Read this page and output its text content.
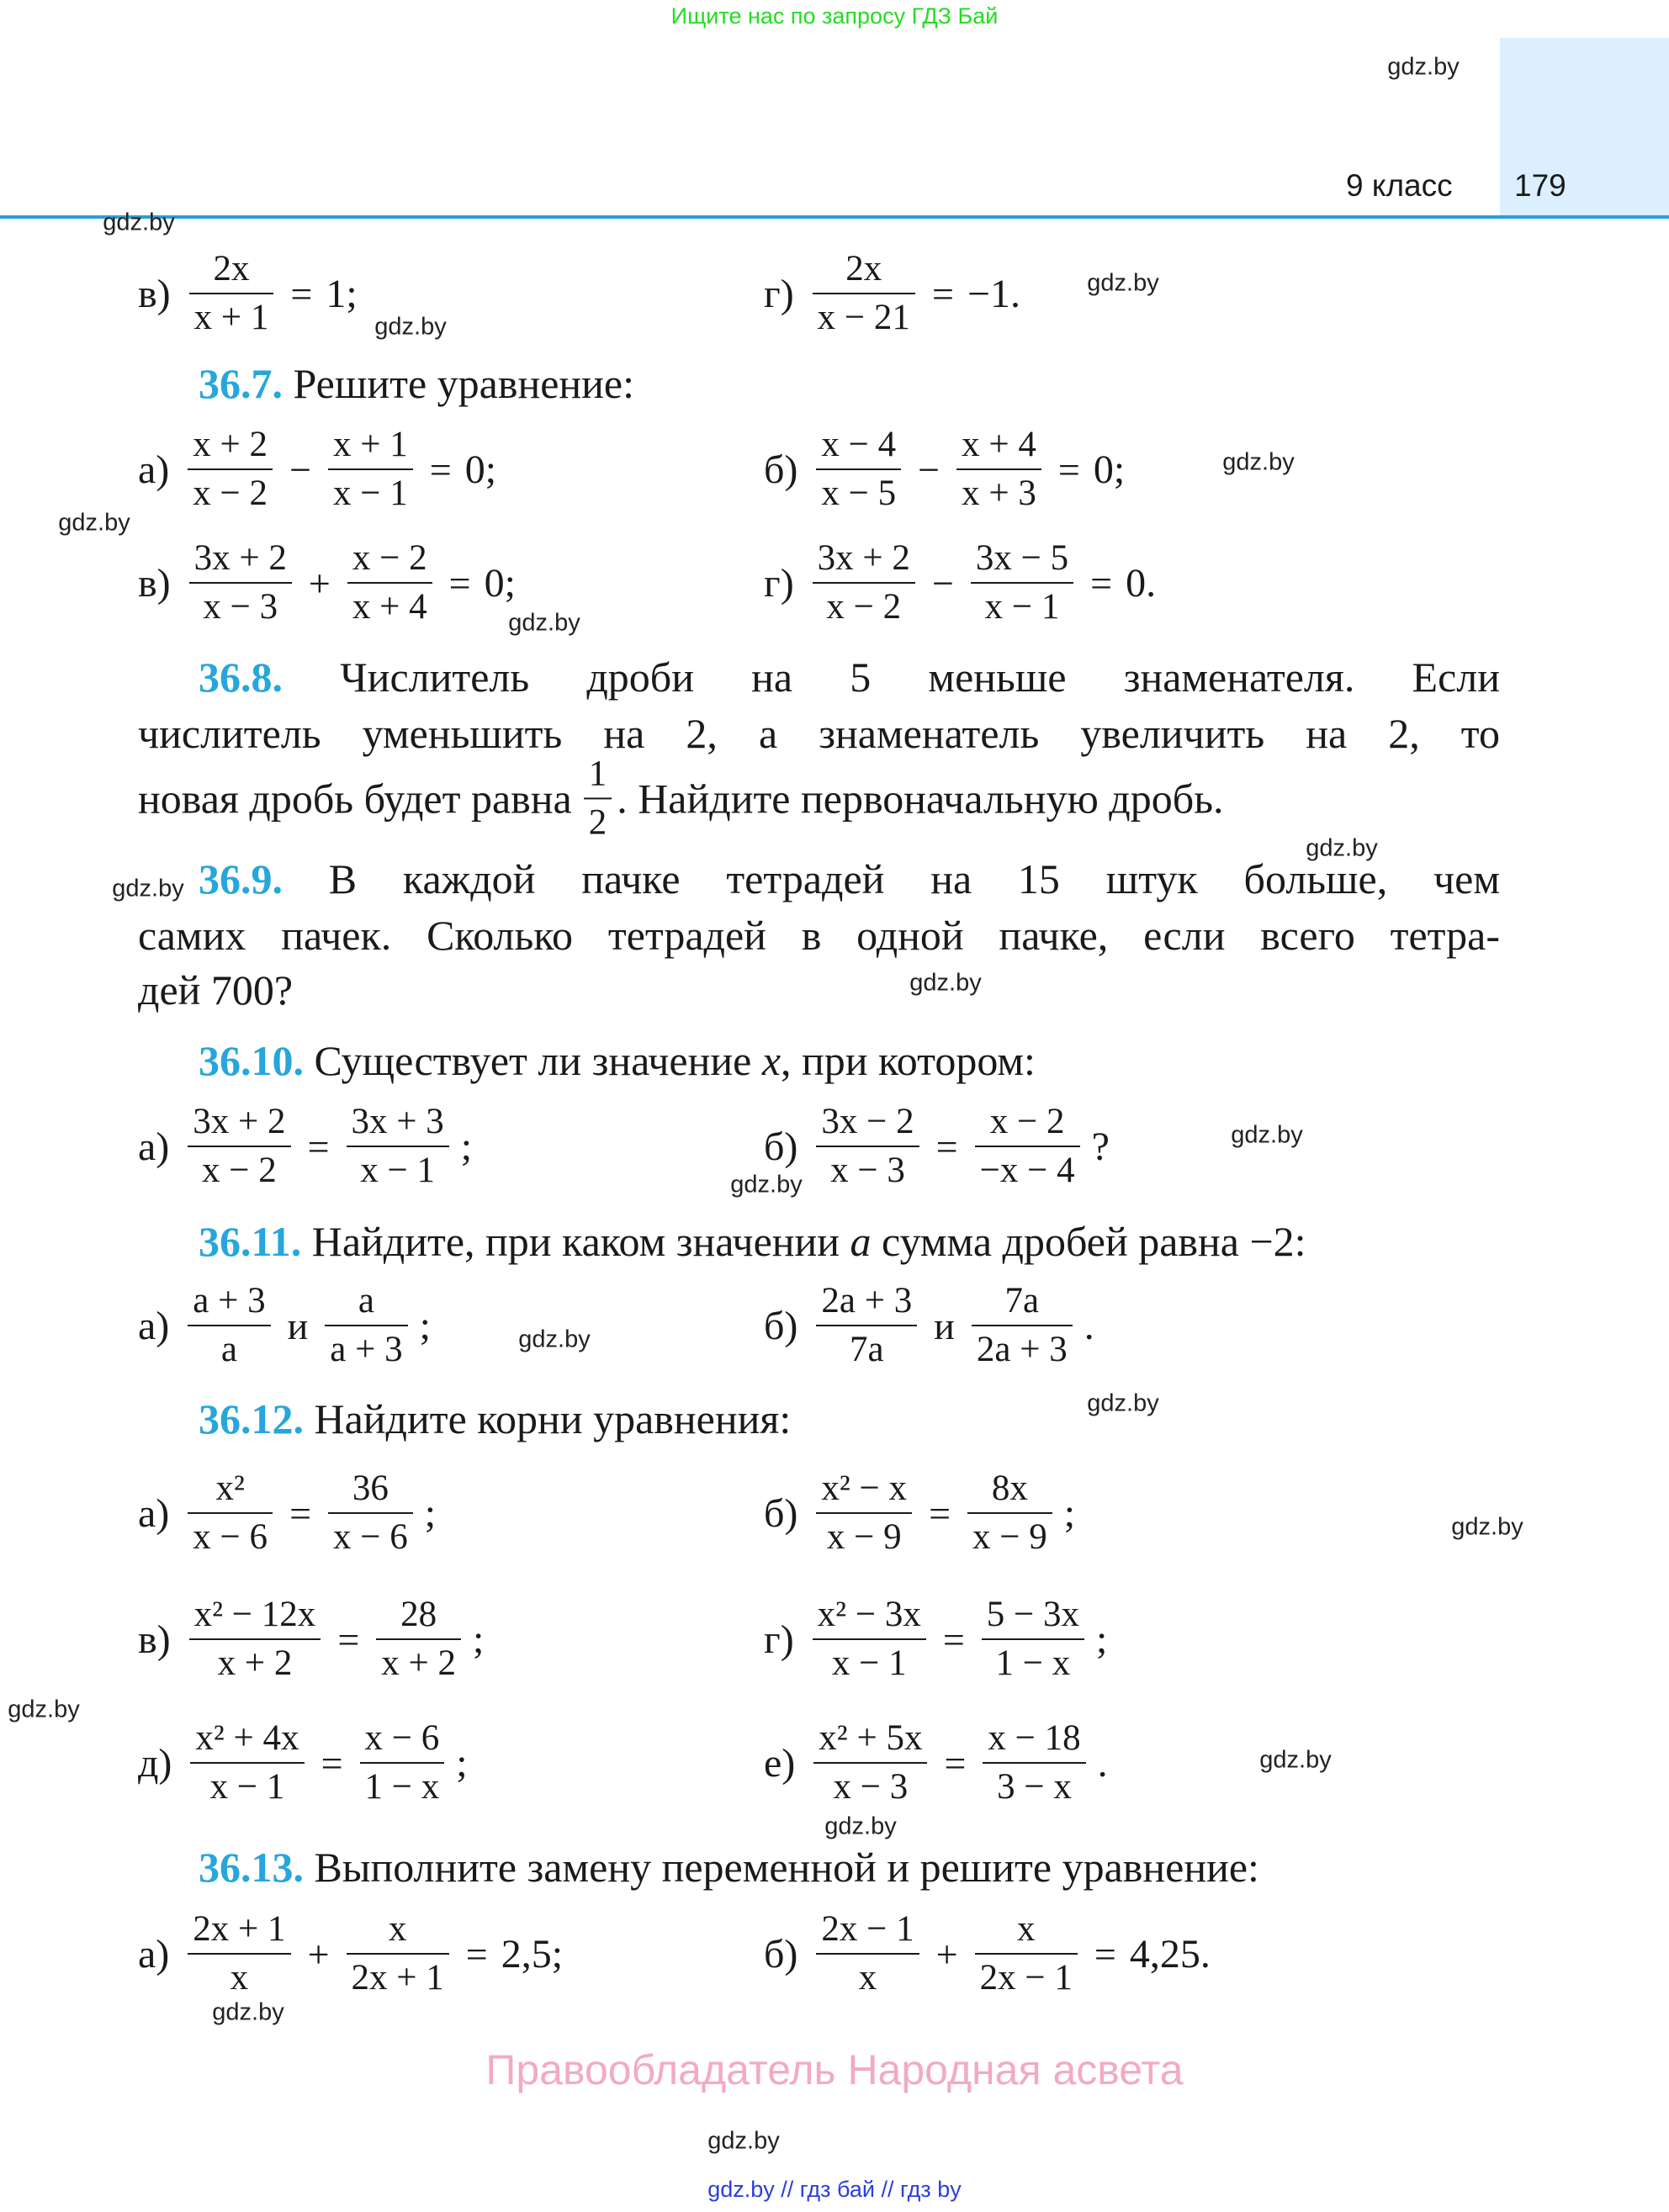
Ищите нас по запросу ГДЗ Бай
9 класс 179
$в) \frac{2x}{x + 1} = 1$;	$г) \frac{2x}{x - 21} = -1$.
36.7. Решите уравнение:
$а) \frac{x + 2}{x - 2} - \frac{x + 1}{x - 1} = 0$;	$б) \frac{x - 4}{x - 5} - \frac{x + 4}{x + 3} = 0$;
$в) \frac{3x + 2}{x - 3} + \frac{x - 2}{x + 4} = 0$;	$г) \frac{3x + 2}{x - 2} - \frac{3x - 5}{x - 1} = 0$.
36.8. Числитель дроби на 5 меньше знаменателя. Если
числитель уменьшить на 2, а знаменатель увеличить на 2, то
новая дробь будет равна $\frac{1}{2}$ . Найдите первоначальную дробь.
36.9. В каждой пачке тетрадей на 15 штук больше, чем
самих пачек. Сколько тетрадей в одной пачке, если всего тетра-
дей 700?
36.10. Существует ли значение x, при котором:
$а) \frac{3x + 2}{x - 2} = \frac{3x + 3}{x - 1}$ ;	$б) \frac{3x - 2}{x - 3} = \frac{x - 2}{-x - 4}$ ?
36.11. Найдите, при каком значении a сумма дробей равна −2:
$а) \frac{a + 3}{a}$ и $\frac{a}{a + 3}$ ;	$б) \frac{2a + 3}{7a}$ и $\frac{7a}{2a + 3}$ .
36.12. Найдите корни уравнения:
$а) \frac{\text{x²}}{x - 6} = \frac{36}{x - 6}$ ;	$б) \frac{\text{x² − x}}{x - 9} = \frac{8x}{x - 9}$ ;
$в) \frac{\text{x² − 12x}}{x + 2} = \frac{28}{x + 2}$ ;	$г) \frac{\text{x² − 3x}}{x - 1} = \frac{5 - 3x}{1 - x}$ ;
$д) \frac{\text{x² + 4x}}{x - 1} = \frac{x - 6}{1 - x}$ ;	$е) \frac{\text{x² + 5x}}{x - 3} = \frac{x - 18}{3 - x}$ .
36.13. Выполните замену переменной и решите уравнение:
$а) \frac{2x + 1}{x} + \frac{x}{2x + 1} = 2,5$;	$б) \frac{2x - 1}{x} + \frac{x}{2x - 1} = 4,25$.
Правообладатель Народная асвета
gdz.by // гдз бай // гдз by
gdz.by
gdz.by
gdz.by
gdz.by
gdz.by
gdz.by
gdz.by
gdz.by
gdz.by
gdz.by
gdz.by
gdz.by
gdz.by
gdz.by
gdz.by
gdz.by
gdz.by
gdz.by
gdz.by
gdz.by
